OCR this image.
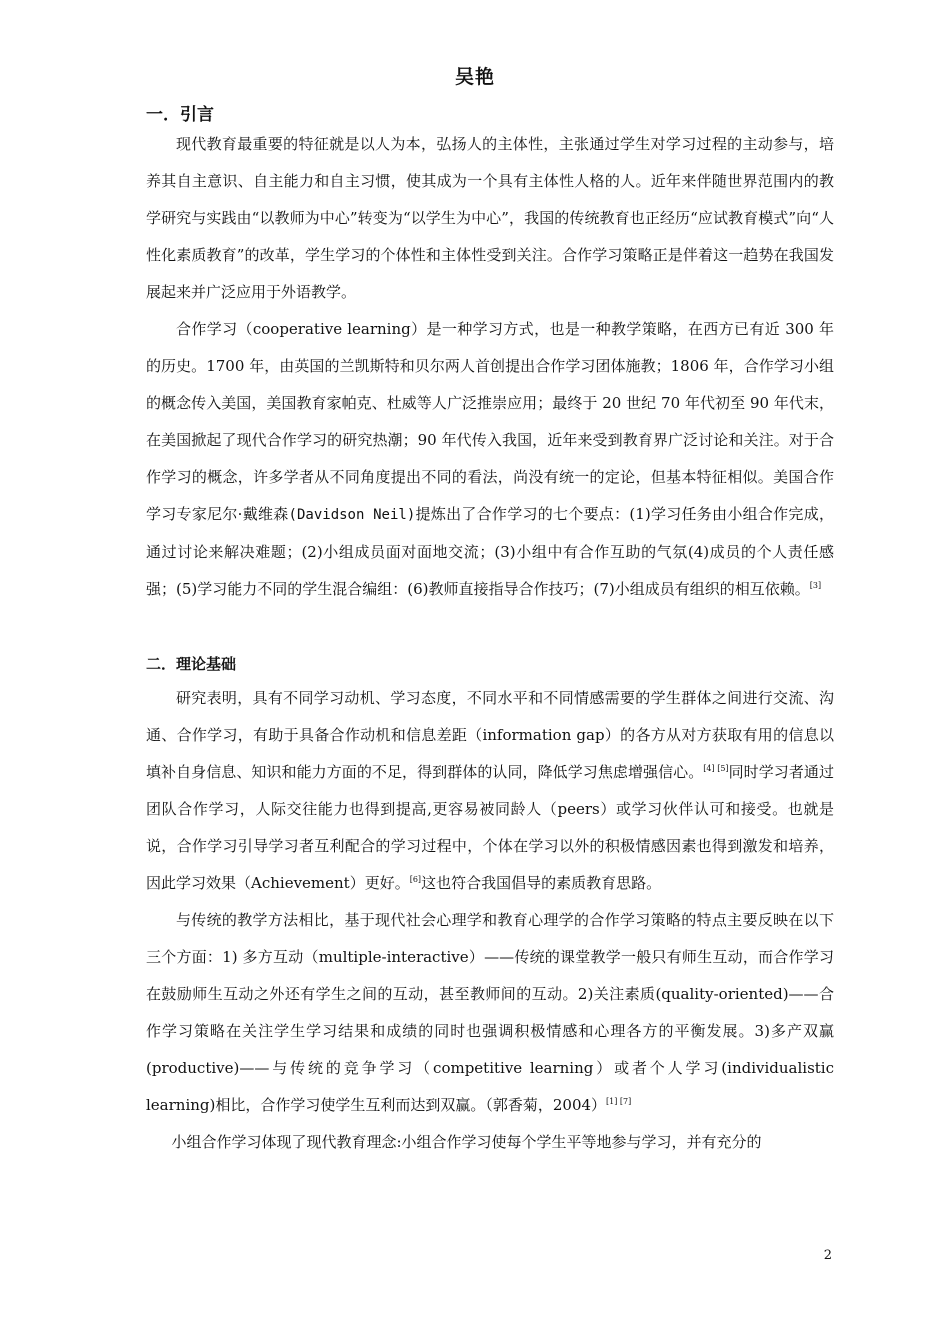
吴艳
一．引言

现代教育最重要的特征就是以人为本，弘扬人的主体性，主张通过学生对学习过程的主动参与，培养其自主意识、自主能力和自主习惯，使其成为一个具有主体性人格的人。近年来伴随世界范围内的教学研究与实践由“以教师为中心”转变为“以学生为中心”，我国的传统教育也正经历“应试教育模式”向“人性化素质教育”的改革，学生学习的个体性和主体性受到关注。合作学习策略正是伴着这一趋势在我国发展起来并广泛应用于外语教学。

合作学习（cooperative learning）是一种学习方式，也是一种教学策略，在西方已有近 300 年的历史。1700 年，由英国的兰凯斯特和贝尔两人首创提出合作学习团体施教；1806 年，合作学习小组的概念传入美国，美国教育家帕克、杜威等人广泛推崇应用；最终于 20 世纪 70 年代初至 90 年代末，在美国掀起了现代合作学习的研究热潮；90 年代传入我国，近年来受到教育界广泛讨论和关注。对于合作学习的概念，许多学者从不同角度提出不同的看法，尚没有统一的定论，但基本特征相似。美国合作学习专家尼尔·戴维森(Davidson Neil)提炼出了合作学习的七个要点：(1)学习任务由小组合作完成，通过讨论来解决难题；(2)小组成员面对面地交流；(3)小组中有合作互助的气氛(4)成员的个人责任感强；(5)学习能力不同的学生混合编组：(6)教师直接指导合作技巧；(7)小组成员有组织的相互依赖。[3]

二．理论基础

研究表明，具有不同学习动机、学习态度，不同水平和不同情感需要的学生群体之间进行交流、沟通、合作学习，有助于具备合作动机和信息差距（information gap）的各方从对方获取有用的信息以填补自身信息、知识和能力方面的不足，得到群体的认同，降低学习焦虑增强信心。[4] [5]同时学习者通过团队合作学习，人际交往能力也得到提高,更容易被同龄人（peers）或学习伙伴认可和接受。也就是说，合作学习引导学习者互利配合的学习过程中，个体在学习以外的积极情感因素也得到激发和培养，因此学习效果（Achievement）更好。[6]这也符合我国倡导的素质教育思路。

与传统的教学方法相比，基于现代社会心理学和教育心理学的合作学习策略的特点主要反映在以下三个方面：1) 多方互动（multiple-interactive）——传统的课堂教学一般只有师生互动，而合作学习在鼓励师生互动之外还有学生之间的互动，甚至教师间的互动。2)关注素质(quality-oriented)——合作学习策略在关注学生学习结果和成绩的同时也强调积极情感和心理各方的平衡发展。3)多产双赢(productive)——与传统的竞争学习（competitive learning）或者个人学习(individualistic learning)相比，合作学习使学生互利而达到双赢。（郭香菊，2004）[1] [7]

小组合作学习体现了现代教育理念:小组合作学习使每个学生平等地参与学习，并有充分的

2
